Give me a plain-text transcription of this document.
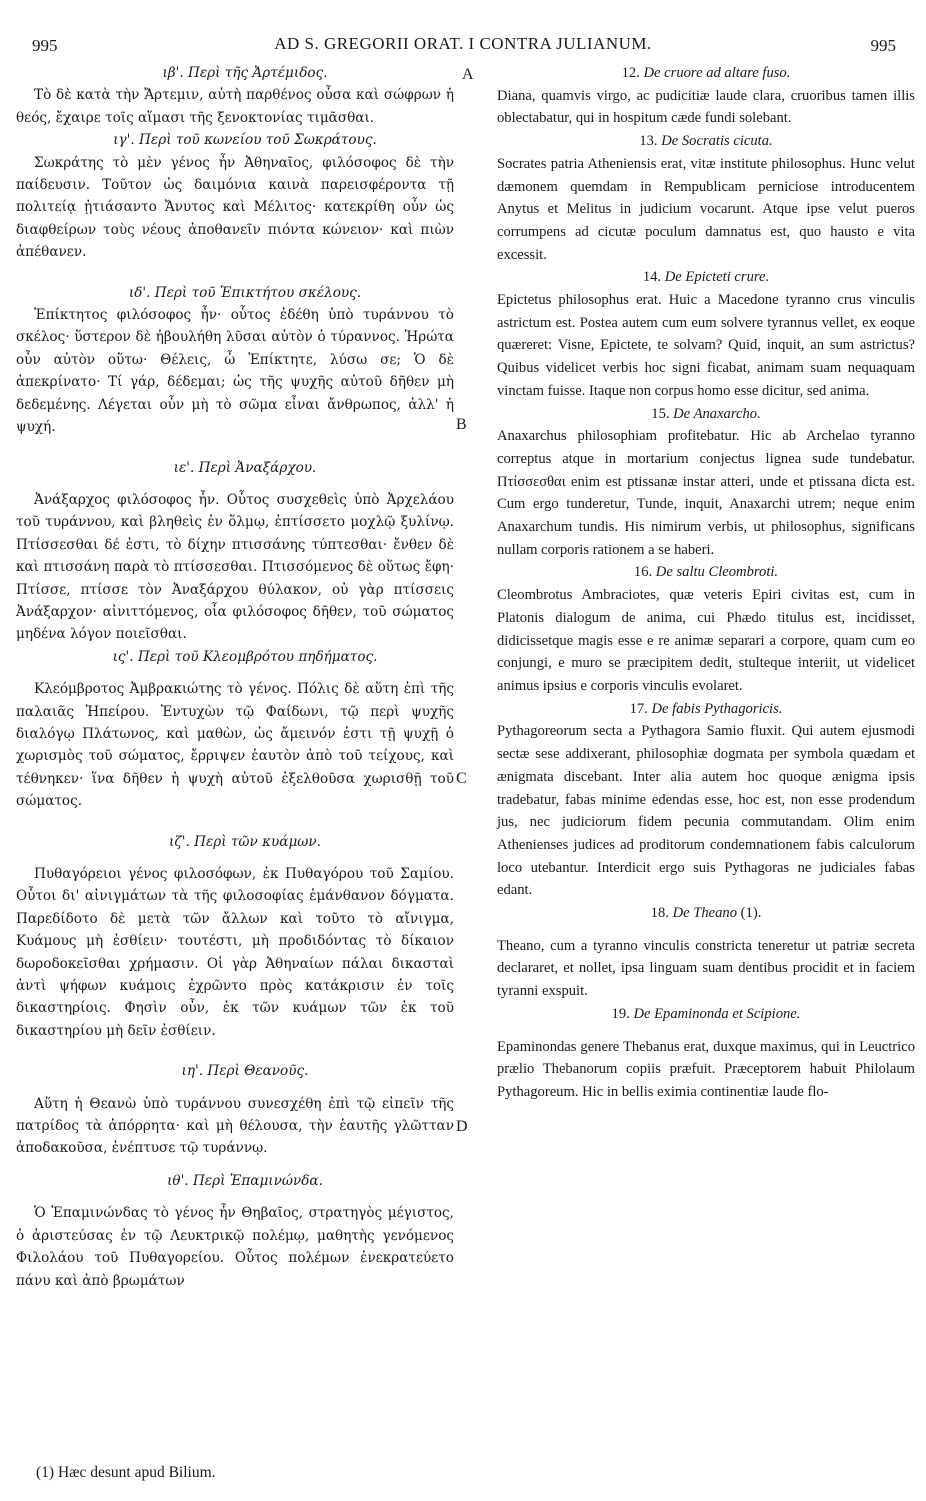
995	AD S. GREGORII ORAT. I CONTRA JULIANUM.	995
ιβ'. Περὶ τῆς Ἀρτέμιδος.
Τὸ δὲ κατὰ τὴν Ἄρτεμιν, αὐτὴ παρθένος οὖσα καὶ σώφρων ἡ θεός, ἔχαιρε τοῖς αἵμασι τῆς ξενοκτονίας τιμᾶσθαι.
ιγ'. Περὶ τοῦ κωνείου τοῦ Σωκράτους.
Σωκράτης τὸ μὲν γένος ἦν Ἀθηναῖος, φιλόσοφος δὲ τὴν παίδευσιν. Τοῦτον ὡς δαιμόνια καινὰ παρεισφέροντα τῇ πολιτείᾳ ᾐτιάσαντο Ἄνυτος καὶ Μέλιτος· κατεκρίθη οὖν ὡς διαφθείρων τοὺς νέους ἀποθανεῖν πιόντα κώνειον· καὶ πιὼν ἀπέθανεν.
ιδ'. Περὶ τοῦ Ἐπικτήτου σκέλους.
Ἐπίκτητος φιλόσοφος ἦν· οὗτος ἐδέθη ὑπὸ τυράννου τὸ σκέλος· ὕστερον δὲ ἠβουλήθη λῦσαι αὐτὸν ὁ τύραννος. Ἠρώτα οὖν αὐτὸν οὕτω· Θέλεις, ὦ Ἐπίκτητε, λύσω σε; Ὁ δὲ ἀπεκρίνατο· Τί γάρ, δέδεμαι; ὡς τῆς ψυχῆς αὐτοῦ δῆθεν μὴ δεδεμένης. Λέγεται οὖν μὴ τὸ σῶμα εἶναι ἄνθρωπος, ἀλλ' ἡ ψυχή.
ιε'. Περὶ Ἀναξάρχου.
Ἀνάξαρχος φιλόσοφος ἦν. Οὗτος συσχεθεὶς ὑπὸ Ἀρχελάου τοῦ τυράννου, καὶ βληθεὶς ἐν ὅλμῳ, ἐπτίσσετο μοχλῷ ξυλίνῳ. Πτίσσεσθαι δέ ἐστι, τὸ δίχην πτισσάνης τύπτεσθαι· ἔνθεν δὲ καὶ πτισσάνη παρὰ τὸ πτίσσεσθαι. Πτισσόμενος δὲ οὕτως ἔφη· Πτίσσε, πτίσσε τὸν Ἀναξάρχου θύλακον, οὐ γὰρ πτίσσεις Ἀνάξαρχον· αἰνιττόμενος, οἷα φιλόσοφος δῆθεν, τοῦ σώματος μηδένα λόγον ποιεῖσθαι.
ις'. Περὶ τοῦ Κλεομβρότου πηδήματος.
Κλεόμβροτος Ἀμβρακιώτης τὸ γένος. Πόλις δὲ αὕτη ἐπὶ τῆς παλαιᾶς Ἠπείρου. Ἐντυχὼν τῷ Φαίδωνι, τῷ περὶ ψυχῆς διαλόγῳ Πλάτωνος, καὶ μαθὼν, ὡς ἄμεινόν ἐστι τῇ ψυχῇ ὁ χωρισμὸς τοῦ σώματος, ἔρριψεν ἑαυτὸν ἀπὸ τοῦ τείχους, καὶ τέθνηκεν· ἵνα δῆθεν ἡ ψυχὴ αὐτοῦ ἐξελθοῦσα χωρισθῇ τοῦ σώματος.
ιζ'. Περὶ τῶν κυάμων.
Πυθαγόρειοι γένος φιλοσόφων, ἐκ Πυθαγόρου τοῦ Σαμίου. Οὗτοι δι' αἰνιγμάτων τὰ τῆς φιλοσοφίας ἐμάνθανον δόγματα. Παρεδίδοτο δὲ μετὰ τῶν ἄλλων καὶ τοῦτο τὸ αἴνιγμα, Κυάμους μὴ ἐσθίειν· τουτέστι, μὴ προδιδόντας τὸ δίκαιον δωροδοκεῖσθαι χρήμασιν. Οἱ γὰρ Ἀθηναίων πάλαι δικασταὶ ἀντὶ ψήφων κυάμοις ἐχρῶντο πρὸς κατάκρισιν ἐν τοῖς δικαστηρίοις. Φησὶν οὖν, ἐκ τῶν κυάμων τῶν ἐκ τοῦ δικαστηρίου μὴ δεῖν ἐσθίειν.
ιη'. Περὶ Θεανοῦς.
Αὕτη ἡ Θεανὼ ὑπὸ τυράννου συνεσχέθη ἐπὶ τῷ εἰπεῖν τῆς πατρίδος τὰ ἀπόρρητα· καὶ μὴ θέλουσα, τὴν ἑαυτῆς γλῶτταν ἀποδακοῦσα, ἐνέπτυσε τῷ τυράννῳ.
ιθ'. Περὶ Ἐπαμινώνδα.
Ὁ Ἐπαμινώνδας τὸ γένος ἦν Θηβαῖος, στρατηγὸς μέγιστος, ὁ ἀριστεύσας ἐν τῷ Λευκτρικῷ πολέμῳ, μαθητὴς γενόμενος Φιλολάου τοῦ Πυθαγορείου. Οὗτος πολέμων ἐνεκρατεύετο πάνυ καὶ ἀπὸ βρωμάτων
A
B
C
D
12. De cruore ad altare fuso.
Diana, quamvis virgo, ac pudicitiæ laude clara, cruoribus tamen illis oblectabatur, qui in hospitum cæde fundi solebant.
13. De Socratis cicuta.
Socrates patria Atheniensis erat, vitæ institute philosophus. Hunc velut dæmonem quemdam in Rempublicam perniciose introducentem Anytus et Melitus in judicium vocarunt. Atque ipse velut pueros corrumpens ad cicutæ poculum damnatus est, quo hausto e vita excessit.
14. De Epicteti crure.
Epictetus philosophus erat. Huic a Macedone tyranno crus vinculis astrictum est. Postea autem cum eum solvere tyrannus vellet, ex eoque quæreret: Visne, Epictete, te solvam? Quid, inquit, an sum astrictus? Quibus videlicet verbis hoc signi ficabat, animam suam nequaquam vinctam fuisse. Itaque non corpus homo esse dicitur, sed anima.
15. De Anaxarcho.
Anaxarchus philosophiam profitebatur. Hic ab Archelao tyranno correptus atque in mortarium conjectus lignea sude tundebatur. Πτίσσεσθαι enim est ptissanæ instar atteri, unde et ptissana dicta est. Cum ergo tunderetur, Tunde, inquit, Anaxarchi utrem; neque enim Anaxarchum tundis. His nimirum verbis, ut philosophus, significans nullam corporis rationem a se haberi.
16. De saltu Cleombroti.
Cleombrotus Ambraciotes, quæ veteris Epiri civitas est, cum in Platonis dialogum de anima, cui Phædo titulus est, incidisset, didicissetque magis esse e re animæ separari a corpore, quam cum eo conjungi, e muro se præcipitem dedit, stulteque interiit, ut videlicet animus ipsius e corporis vinculis evolaret.
17. De fabis Pythagoricis.
Pythagoreorum secta a Pythagora Samio fluxit. Qui autem ejusmodi sectæ sese addixerant, philosophiæ dogmata per symbola quædam et ænigmata discebant. Inter alia autem hoc quoque ænigma ipsis tradebatur, fabas minime edendas esse, hoc est, non esse prodendum jus, nec judiciorum fidem pecunia commutandam. Olim enim Athenienses judices ad proditorum condemnationem fabis calculorum loco utebantur. Interdicit ergo suis Pythagoras ne judiciales fabas edant.
18. De Theano (1).
Theano, cum a tyranno vinculis constricta teneretur ut patriæ secreta declararet, et nollet, ipsa linguam suam dentibus procidit et in faciem tyranni exspuit.
19. De Epaminonda et Scipione.
Epaminondas genere Thebanus erat, duxque maximus, qui in Leuctrico prælio Thebanorum copiis præfuit. Præceptorem habuit Philolaum Pythagoreum. Hic in bellis eximia continentiæ laude flo-
(1) Hæc desunt apud Bilium.
